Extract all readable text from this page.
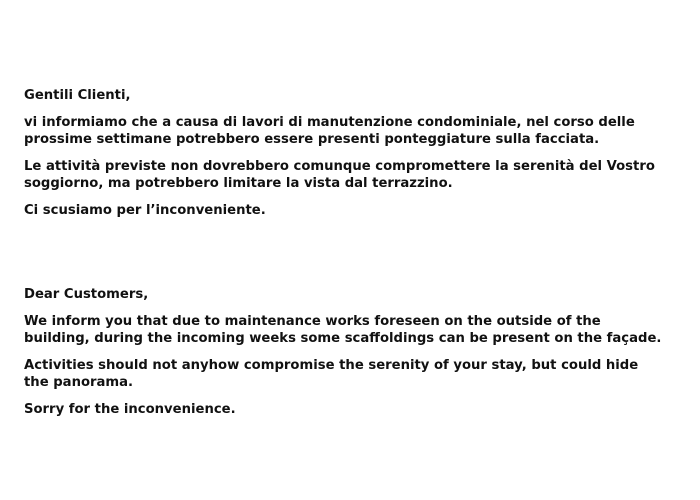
Gentili Clienti,

vi informiamo che a causa di lavori di manutenzione condominiale, nel corso delle prossime settimane potrebbero essere presenti ponteggiature sulla facciata.

Le attività previste non dovrebbero comunque compromettere la serenità del Vostro soggiorno, ma potrebbero limitare la vista dal terrazzino.

Ci scusiamo per l’inconveniente.

Dear Customers,

We inform you that due to maintenance works foreseen on the outside of the building, during the incoming weeks some scaffoldings can be present on the façade.

Activities should not anyhow compromise the serenity of your stay, but could hide the panorama.

Sorry for the inconvenience.
